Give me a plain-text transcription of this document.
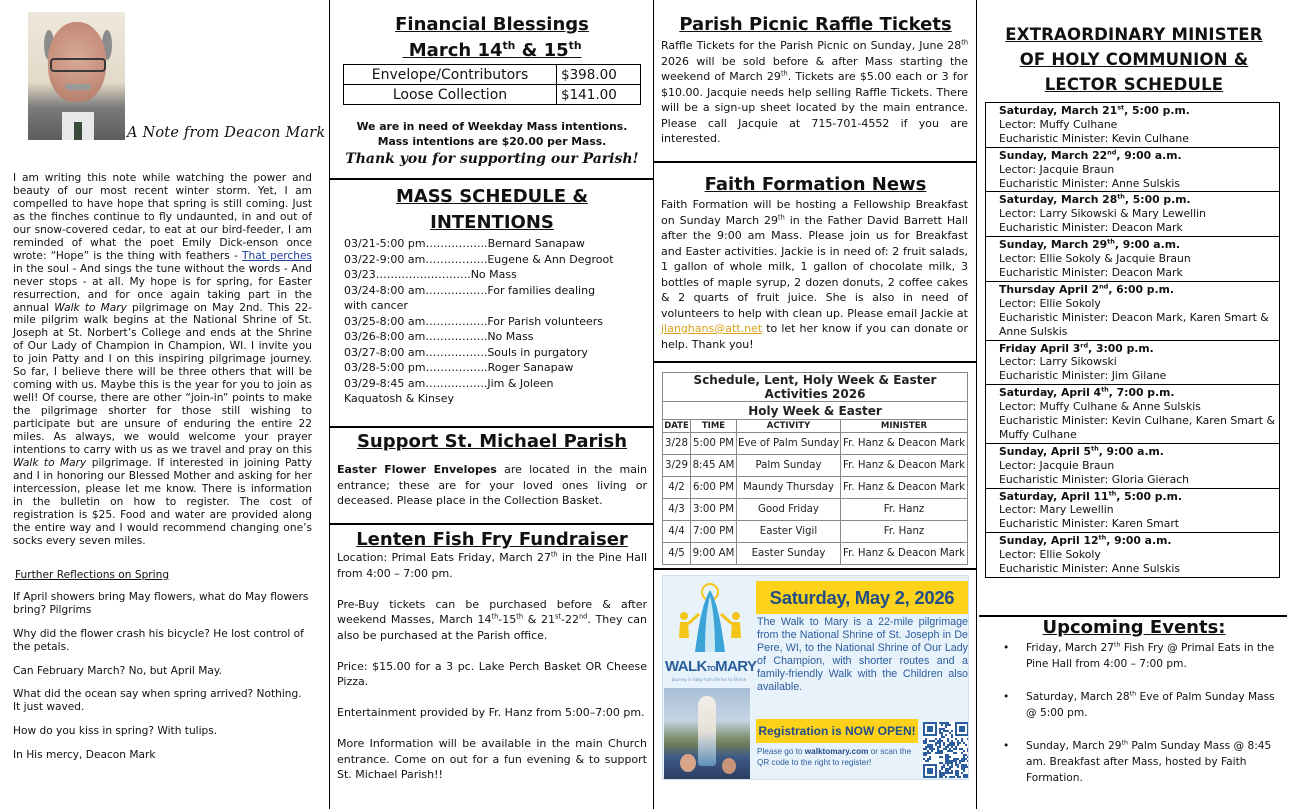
A Note from Deacon Mark
I am writing this note while watching the power and beauty of our most recent winter storm. Yet, I am compelled to have hope that spring is still coming. Just as the finches continue to fly undaunted, in and out of our snow-covered cedar, to eat at our bird-feeder, I am reminded of what the poet Emily Dick-enson once wrote: “Hope” is the thing with feathers - That perches in the soul - And sings the tune without the words - And never stops - at all. My hope is for spring, for Easter resurrection, and for once again taking part in the annual Walk to Mary pilgrimage on May 2nd. This 22-mile pilgrim walk begins at the National Shrine of St. Joseph at St. Norbert’s College and ends at the Shrine of Our Lady of Champion in Champion, WI. I invite you to join Patty and I on this inspiring pilgrimage journey. So far, I believe there will be three others that will be coming with us. Maybe this is the year for you to join as well! Of course, there are other “join-in” points to make the pilgrimage shorter for those still wishing to participate but are unsure of enduring the entire 22 miles. As always, we would welcome your prayer intentions to carry with us as we travel and pray on this Walk to Mary pilgrimage. If interested in joining Patty and I in honoring our Blessed Mother and asking for her intercession, please let me know. There is information in the bulletin on how to register. The cost of registration is $25. Food and water are provided along the entire way and I would recommend changing one’s socks every seven miles.
Further Reflections on Spring

If April showers bring May flowers, what do May flowers bring? Pilgrims

Why did the flower crash his bicycle? He lost control of the petals.

Can February March? No, but April May.

What did the ocean say when spring arrived? Nothing. It just waved.

How do you kiss in spring? With tulips.

In His mercy, Deacon Mark

Financial Blessings
March 14th & 15th
Envelope/Contributors	$398.00
Loose Collection	$141.00
We are in need of Weekday Mass intentions.
Mass intentions are $20.00 per Mass.
Thank you for supporting our Parish!
MASS SCHEDULE &
INTENTIONS
03/21-5:00 pm…………….. Bernard Sanapaw
03/22-9:00 am…………….. Eugene & Ann Degroot
03/23…………………….. No Mass
03/24-8:00 am…………….. For families dealing
with cancer
03/25-8:00 am…………….. For Parish volunteers
03/26-8:00 am…………….. No Mass
03/27-8:00 am…………….. Souls in purgatory
03/28-5:00 pm…………….. Roger Sanapaw
03/29-8:45 am…………….. Jim & Joleen
Kaquatosh & Kinsey
Support St. Michael Parish
Easter Flower Envelopes are located in the main entrance; these are for your loved ones living or deceased. Please place in the Collection Basket.
Lenten Fish Fry Fundraiser

Location: Primal Eats Friday, March 27th in the Pine Hall from 4:00 – 7:00 pm.

Pre-Buy tickets can be purchased before & after weekend Masses, March 14th-15th & 21st-22nd. They can also be purchased at the Parish office.

Price: $15.00 for a 3 pc. Lake Perch Basket OR Cheese Pizza.

Entertainment provided by Fr. Hanz from 5:00–7:00 pm.

More Information will be available in the main Church entrance. Come on out for a fun evening & to support St. Michael Parish!!

Parish Picnic Raffle Tickets
Raffle Tickets for the Parish Picnic on Sunday, June 28th 2026 will be sold before & after Mass starting the weekend of March 29th. Tickets are $5.00 each or 3 for $10.00. Jacquie needs help selling Raffle Tickets. There will be a sign-up sheet located by the main entrance. Please call Jacquie at 715-701-4552 if you are interested.
Faith Formation News
Faith Formation will be hosting a Fellowship Breakfast on Sunday March 29th in the Father David Barrett Hall after the 9:00 am Mass. Please join us for Breakfast and Easter activities. Jackie is in need of: 2 fruit salads, 1 gallon of whole milk, 1 gallon of chocolate milk, 3 bottles of maple syrup, 2 dozen donuts, 2 coffee cakes & 2 quarts of fruit juice. She is also in need of volunteers to help with clean up. Please email Jackie at jlanghans@att.net to let her know if you can donate or help. Thank you!
Schedule, Lent, Holy Week & Easter Activities 2026			
Holy Week & Easter			
DATE	TIME	ACTIVITY	MINISTER
3/28	5:00 PM	Eve of Palm Sunday	Fr. Hanz & Deacon Mark
3/29	8:45 AM	Palm Sunday	Fr. Hanz & Deacon Mark
4/2	6:00 PM	Maundy Thursday	Fr. Hanz & Deacon Mark
4/3	3:00 PM	Good Friday	Fr. Hanz
4/4	7:00 PM	Easter Vigil	Fr. Hanz
4/5	9:00 AM	Easter Sunday	Fr. Hanz & Deacon Mark
WALKTOMARY
Journey in Step from Shrine to Shrine
Saturday, May 2, 2026
The Walk to Mary is a 22-mile pilgrimage from the National Shrine of St. Joseph in De Pere, WI, to the National Shrine of Our Lady of Champion, with shorter routes and a family-friendly Walk with the Children also available.
Registration is NOW OPEN!
Please go to walktomary.com or scan the QR code to the right to register!
EXTRAORDINARY MINISTER
OF HOLY COMMUNION &
LECTOR SCHEDULE
Saturday, March 21st, 5:00 p.m.
Lector: Muffy Culhane
Eucharistic Minister: Kevin Culhane
Sunday, March 22nd, 9:00 a.m.
Lector: Jacquie Braun
Eucharistic Minister: Anne Sulskis
Saturday, March 28th, 5:00 p.m.
Lector: Larry Sikowski & Mary Lewellin
Eucharistic Minister: Deacon Mark
Sunday, March 29th, 9:00 a.m.
Lector: Ellie Sokoly & Jacquie Braun
Eucharistic Minister: Deacon Mark
Thursday April 2nd, 6:00 p.m.
Lector: Ellie Sokoly
Eucharistic Minister: Deacon Mark, Karen Smart & Anne Sulskis
Friday April 3rd, 3:00 p.m.
Lector: Larry Sikowski
Eucharistic Minister: Jim Gilane
Saturday, April 4th, 7:00 p.m.
Lector: Muffy Culhane & Anne Sulskis
Eucharistic Minister: Kevin Culhane, Karen Smart & Muffy Culhane
Sunday, April 5th, 9:00 a.m.
Lector: Jacquie Braun
Eucharistic Minister: Gloria Gierach
Saturday, April 11th, 5:00 p.m.
Lector: Mary Lewellin
Eucharistic Minister: Karen Smart
Sunday, April 12th, 9:00 a.m.
Lector: Ellie Sokoly
Eucharistic Minister: Anne Sulskis
Upcoming Events:
• Friday, March 27th Fish Fry @ Primal Eats in the Pine Hall from 4:00 – 7:00 pm.
• Saturday, March 28th Eve of Palm Sunday Mass @ 5:00 pm.
• Sunday, March 29th Palm Sunday Mass @ 8:45 am. Breakfast after Mass, hosted by Faith Formation.
